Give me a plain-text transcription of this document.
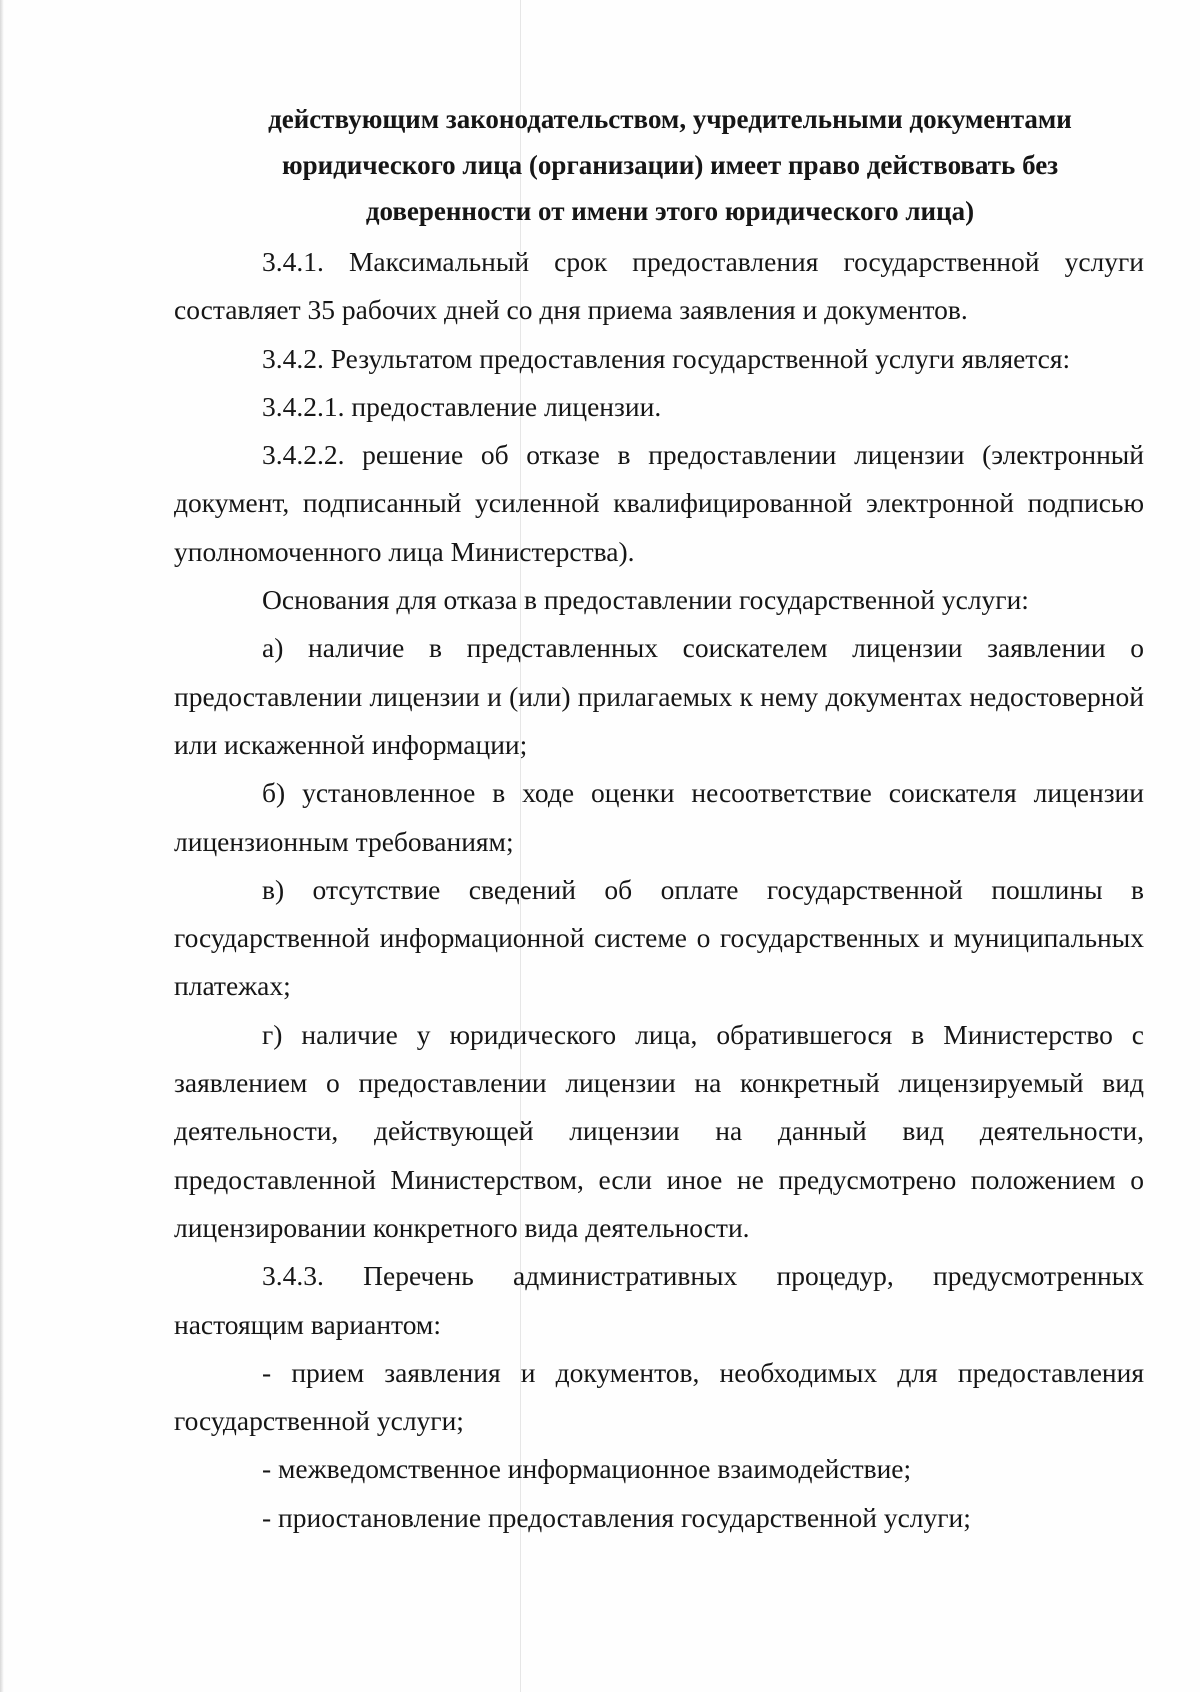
действующим законодательством, учредительными документами
юридического лица (организации) имеет право действовать без
доверенности от имени этого юридического лица)

3.4.1. Максимальный срок предоставления государственной услуги составляет 35 рабочих дней со дня приема заявления и документов.

3.4.2. Результатом предоставления государственной услуги является:

3.4.2.1. предоставление лицензии.

3.4.2.2. решение об отказе в предоставлении лицензии (электронный документ, подписанный усиленной квалифицированной электронной подписью уполномоченного лица Министерства).

Основания для отказа в предоставлении государственной услуги:

а) наличие в представленных соискателем лицензии заявлении о предоставлении лицензии и (или) прилагаемых к нему документах недостоверной или искаженной информации;

б) установленное в ходе оценки несоответствие соискателя лицензии лицензионным требованиям;

в) отсутствие сведений об оплате государственной пошлины в государственной информационной системе о государственных и муниципальных платежах;

г) наличие у юридического лица, обратившегося в Министерство с заявлением о предоставлении лицензии на конкретный лицензируемый вид деятельности, действующей лицензии на данный вид деятельности, предоставленной Министерством, если иное не предусмотрено положением о лицензировании конкретного вида деятельности.

3.4.3. Перечень административных процедур, предусмотренных настоящим вариантом:

- прием заявления и документов, необходимых для предоставления государственной услуги;

- межведомственное информационное взаимодействие;

- приостановление предоставления государственной услуги;
